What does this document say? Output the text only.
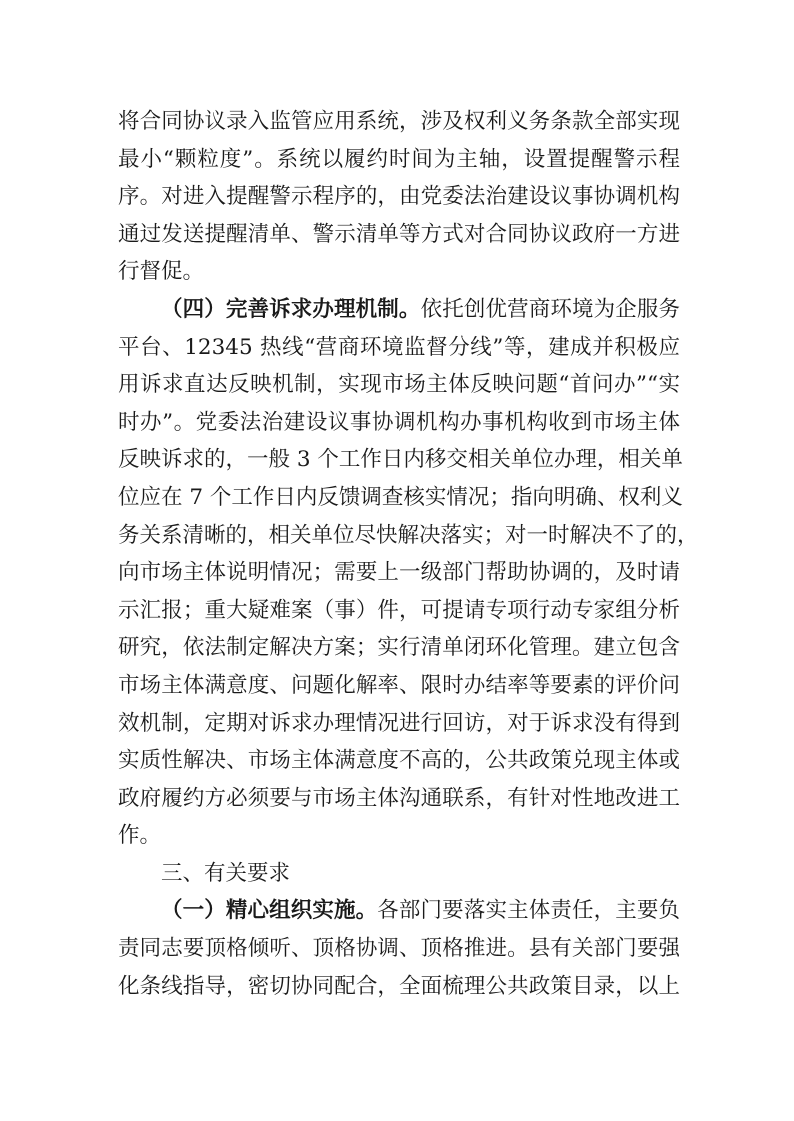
将合同协议录入监管应用系统，涉及权利义务条款全部实现
最小“颗粒度”。系统以履约时间为主轴，设置提醒警示程
序。对进入提醒警示程序的，由党委法治建设议事协调机构
通过发送提醒清单、警示清单等方式对合同协议政府一方进
行督促。
（四）完善诉求办理机制。依托创优营商环境为企服务
平台、12345 热线“营商环境监督分线”等，建成并积极应
用诉求直达反映机制，实现市场主体反映问题“首问办”“实
时办”。党委法治建设议事协调机构办事机构收到市场主体
反映诉求的，一般 3 个工作日内移交相关单位办理，相关单
位应在 7 个工作日内反馈调查核实情况；指向明确、权利义
务关系清晰的，相关单位尽快解决落实；对一时解决不了的，
向市场主体说明情况；需要上一级部门帮助协调的，及时请
示汇报；重大疑难案（事）件，可提请专项行动专家组分析
研究，依法制定解决方案；实行清单闭环化管理。建立包含
市场主体满意度、问题化解率、限时办结率等要素的评价问
效机制，定期对诉求办理情况进行回访，对于诉求没有得到
实质性解决、市场主体满意度不高的，公共政策兑现主体或
政府履约方必须要与市场主体沟通联系，有针对性地改进工
作。
三、有关要求
（一）精心组织实施。各部门要落实主体责任，主要负
责同志要顶格倾听、顶格协调、顶格推进。县有关部门要强
化条线指导，密切协同配合，全面梳理公共政策目录，以上
